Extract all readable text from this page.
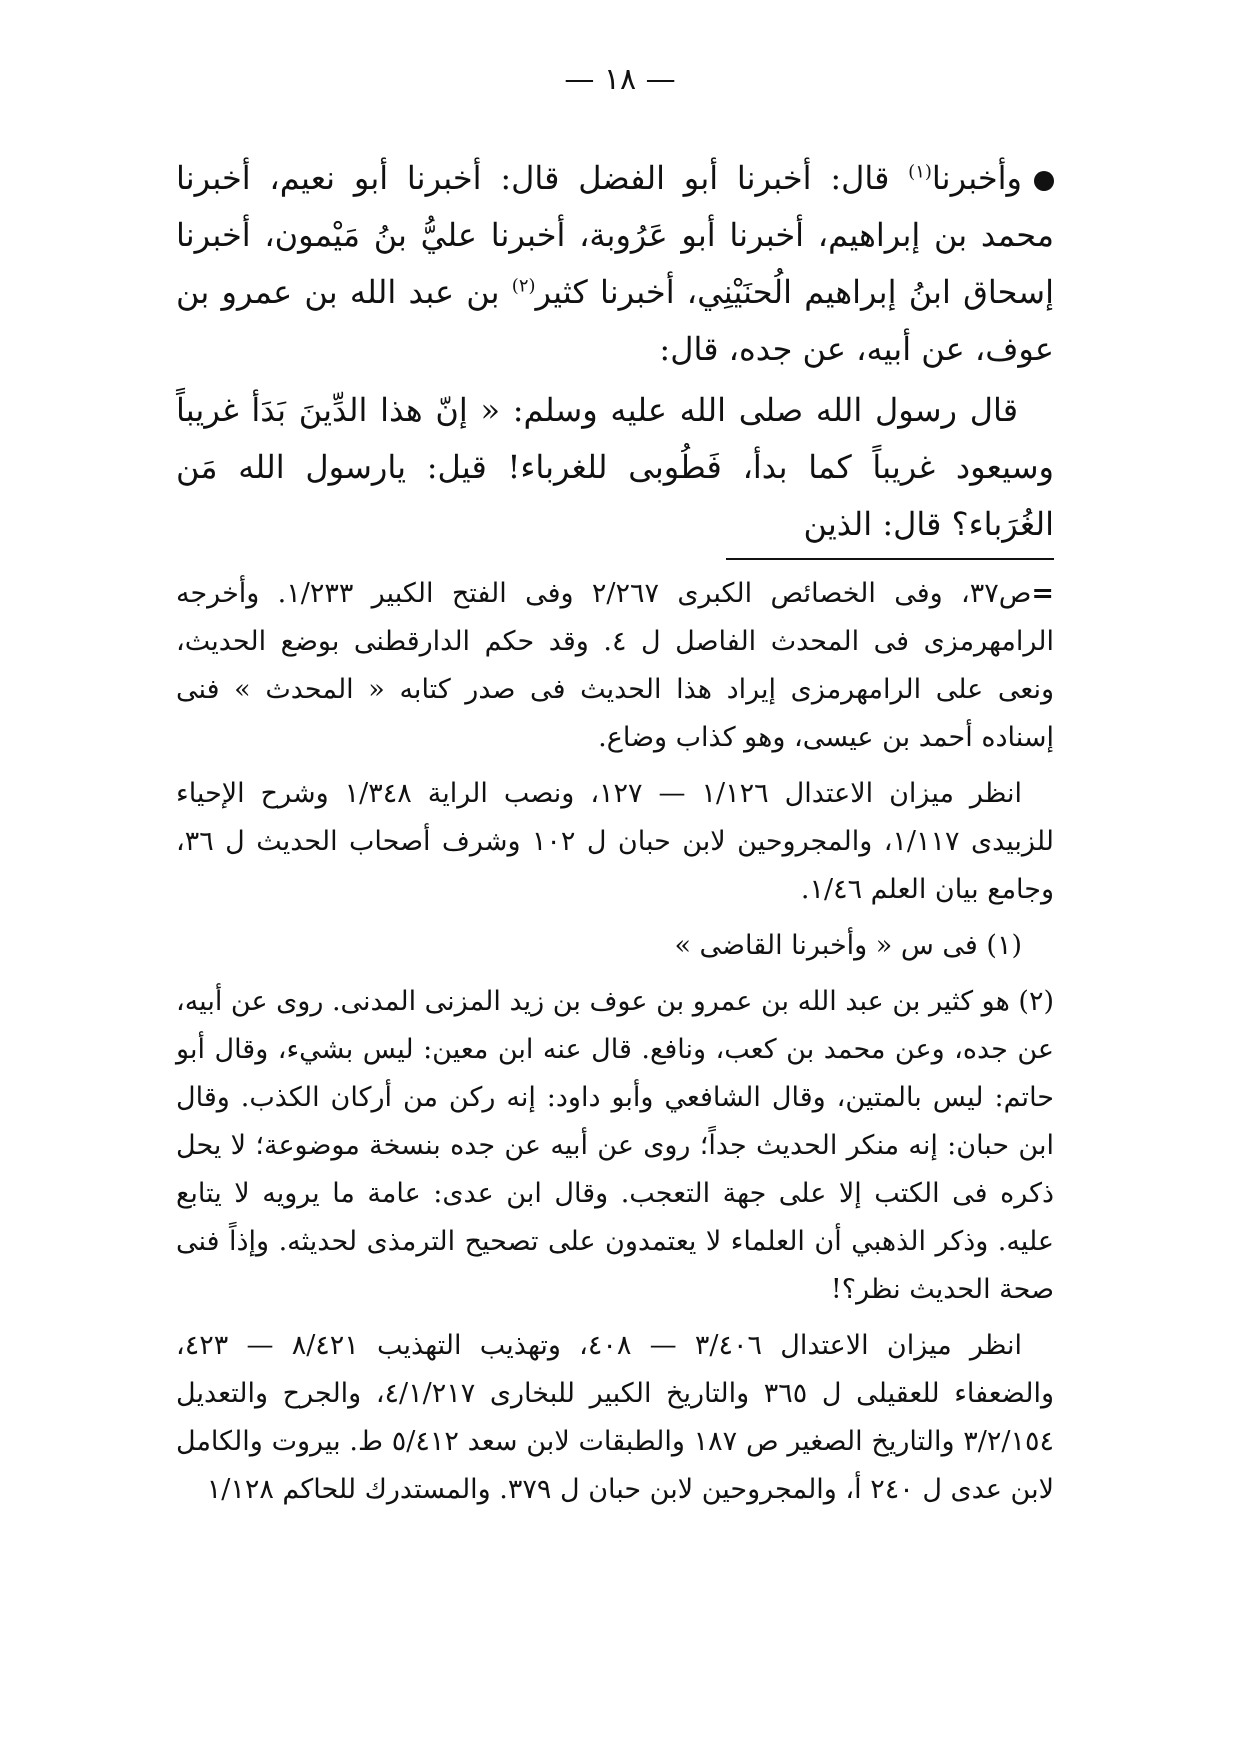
— ١٨ —

وأخبرنا$^{(١)}$ قال: أخبرنا أبو الفضل قال: أخبرنا أبو نعيم، أخبرنا محمد بن إبراهيم، أخبرنا أبو عَرُوبة، أخبرنا عليُّ بنُ مَيْمون، أخبرنا إسحاق ابنُ إبراهيم الُحنَيْنِي، أخبرنا كثير$^{(٢)}$ بن عبد الله بن عمرو بن عوف، عن أبيه، عن جده، قال:

قال رسول الله صلى الله عليه وسلم: « إنّ هذا الدِّينَ بَدَأ غريباً وسيعود غريباً كما بدأ، فَطُوبى للغرباء! قيل: يارسول الله مَن الغُرَباء؟ قال: الذين

=ص٣٧، وفى الخصائص الكبرى ٢/٢٦٧ وفى الفتح الكبير ١/٢٣٣. وأخرجه الرامهرمزى فى المحدث الفاصل ل ٤. وقد حكم الدارقطنى بوضع الحديث، ونعى على الرامهرمزى إيراد هذا الحديث فى صدر كتابه « المحدث » فنى إسناده أحمد بن عيسى، وهو كذاب وضاع.

انظر ميزان الاعتدال ١/١٢٦ — ١٢٧، ونصب الراية ١/٣٤٨ وشرح الإحياء للزبيدى ١/١١٧، والمجروحين لابن حبان ل ١٠٢ وشرف أصحاب الحديث ل ٣٦، وجامع بيان العلم ١/٤٦.

(١) فى س « وأخبرنا القاضى »

(٢) هو كثير بن عبد الله بن عمرو بن عوف بن زيد المزنى المدنى. روى عن أبيه، عن جده، وعن محمد بن كعب، ونافع. قال عنه ابن معين: ليس بشيء، وقال أبو حاتم: ليس بالمتين، وقال الشافعي وأبو داود: إنه ركن من أركان الكذب. وقال ابن حبان: إنه منكر الحديث جداً؛ روى عن أبيه عن جده بنسخة موضوعة؛ لا يحل ذكره فى الكتب إلا على جهة التعجب. وقال ابن عدى: عامة ما يرويه لا يتابع عليه. وذكر الذهبي أن العلماء لا يعتمدون على تصحيح الترمذى لحديثه. وإذاً فنى صحة الحديث نظر؟!

انظر ميزان الاعتدال ٣/٤٠٦ — ٤٠٨، وتهذيب التهذيب ٨/٤٢١ — ٤٢٣، والضعفاء للعقيلى ل ٣٦٥ والتاريخ الكبير للبخارى ٤/١/٢١٧، والجرح والتعديل ٣/٢/١٥٤ والتاريخ الصغير ص ١٨٧ والطبقات لابن سعد ٥/٤١٢ ط. بيروت والكامل لابن عدى ل ٢٤٠ أ، والمجروحين لابن حبان ل ٣٧٩. والمستدرك للحاكم ١/١٢٨
